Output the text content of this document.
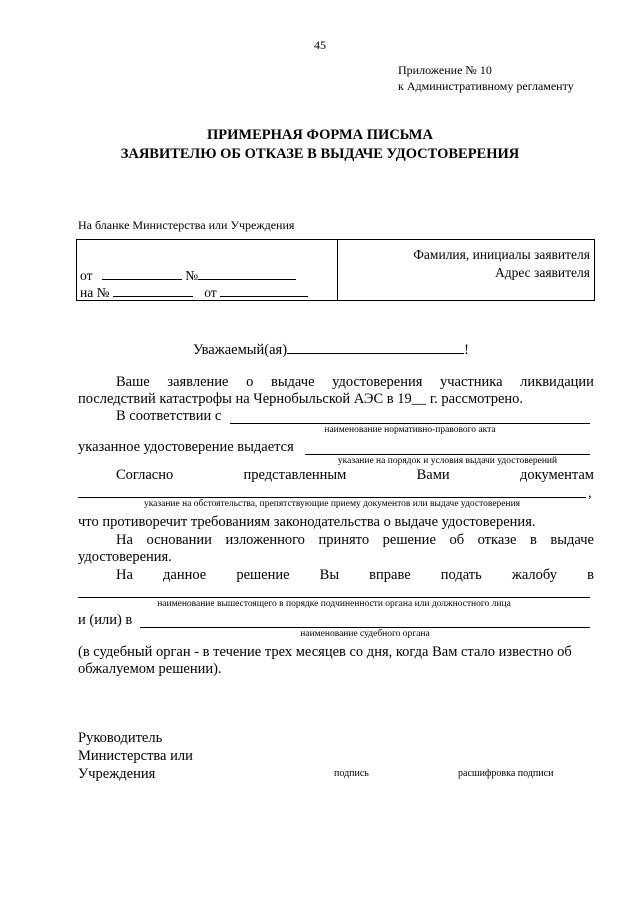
45
Приложение № 10
к Административному регламенту
ПРИМЕРНАЯ ФОРМА ПИСЬМА
ЗАЯВИТЕЛЮ ОБ ОТКАЗЕ В ВЫДАЧЕ УДОСТОВЕРЕНИЯ
На бланке Министерства или Учреждения
от	№
на №	от
Фамилия, инициалы заявителя
Адрес заявителя
Уважаемый(ая)	!
Ваше заявление о выдаче удостоверения участника ликвидации
последствий катастрофы на Чернобыльской АЭС в 19__ г. рассмотрено.
В соответствии с
наименование нормативно-правового акта
указанное удостоверение выдается
указание на порядок и условия выдачи удостоверений
Согласно	представленным	Вами	документам
,
указание на обстоятельства, препятствующие приему документов или выдаче удостоверения
что противоречит требованиям законодательства о выдаче удостоверения.
На основании изложенного принято решение об отказе в выдаче
удостоверения.
На данное решение Вы вправе подать жалобу в
наименование вышестоящего в порядке подчиненности органа или должностного лица
и (или) в
наименование судебного органа
(в судебный орган - в течение трех месяцев со дня, когда Вам стало известно об
обжалуемом решении).
Руководитель
Министерства или
Учреждения	подпись	расшифровка подписи
